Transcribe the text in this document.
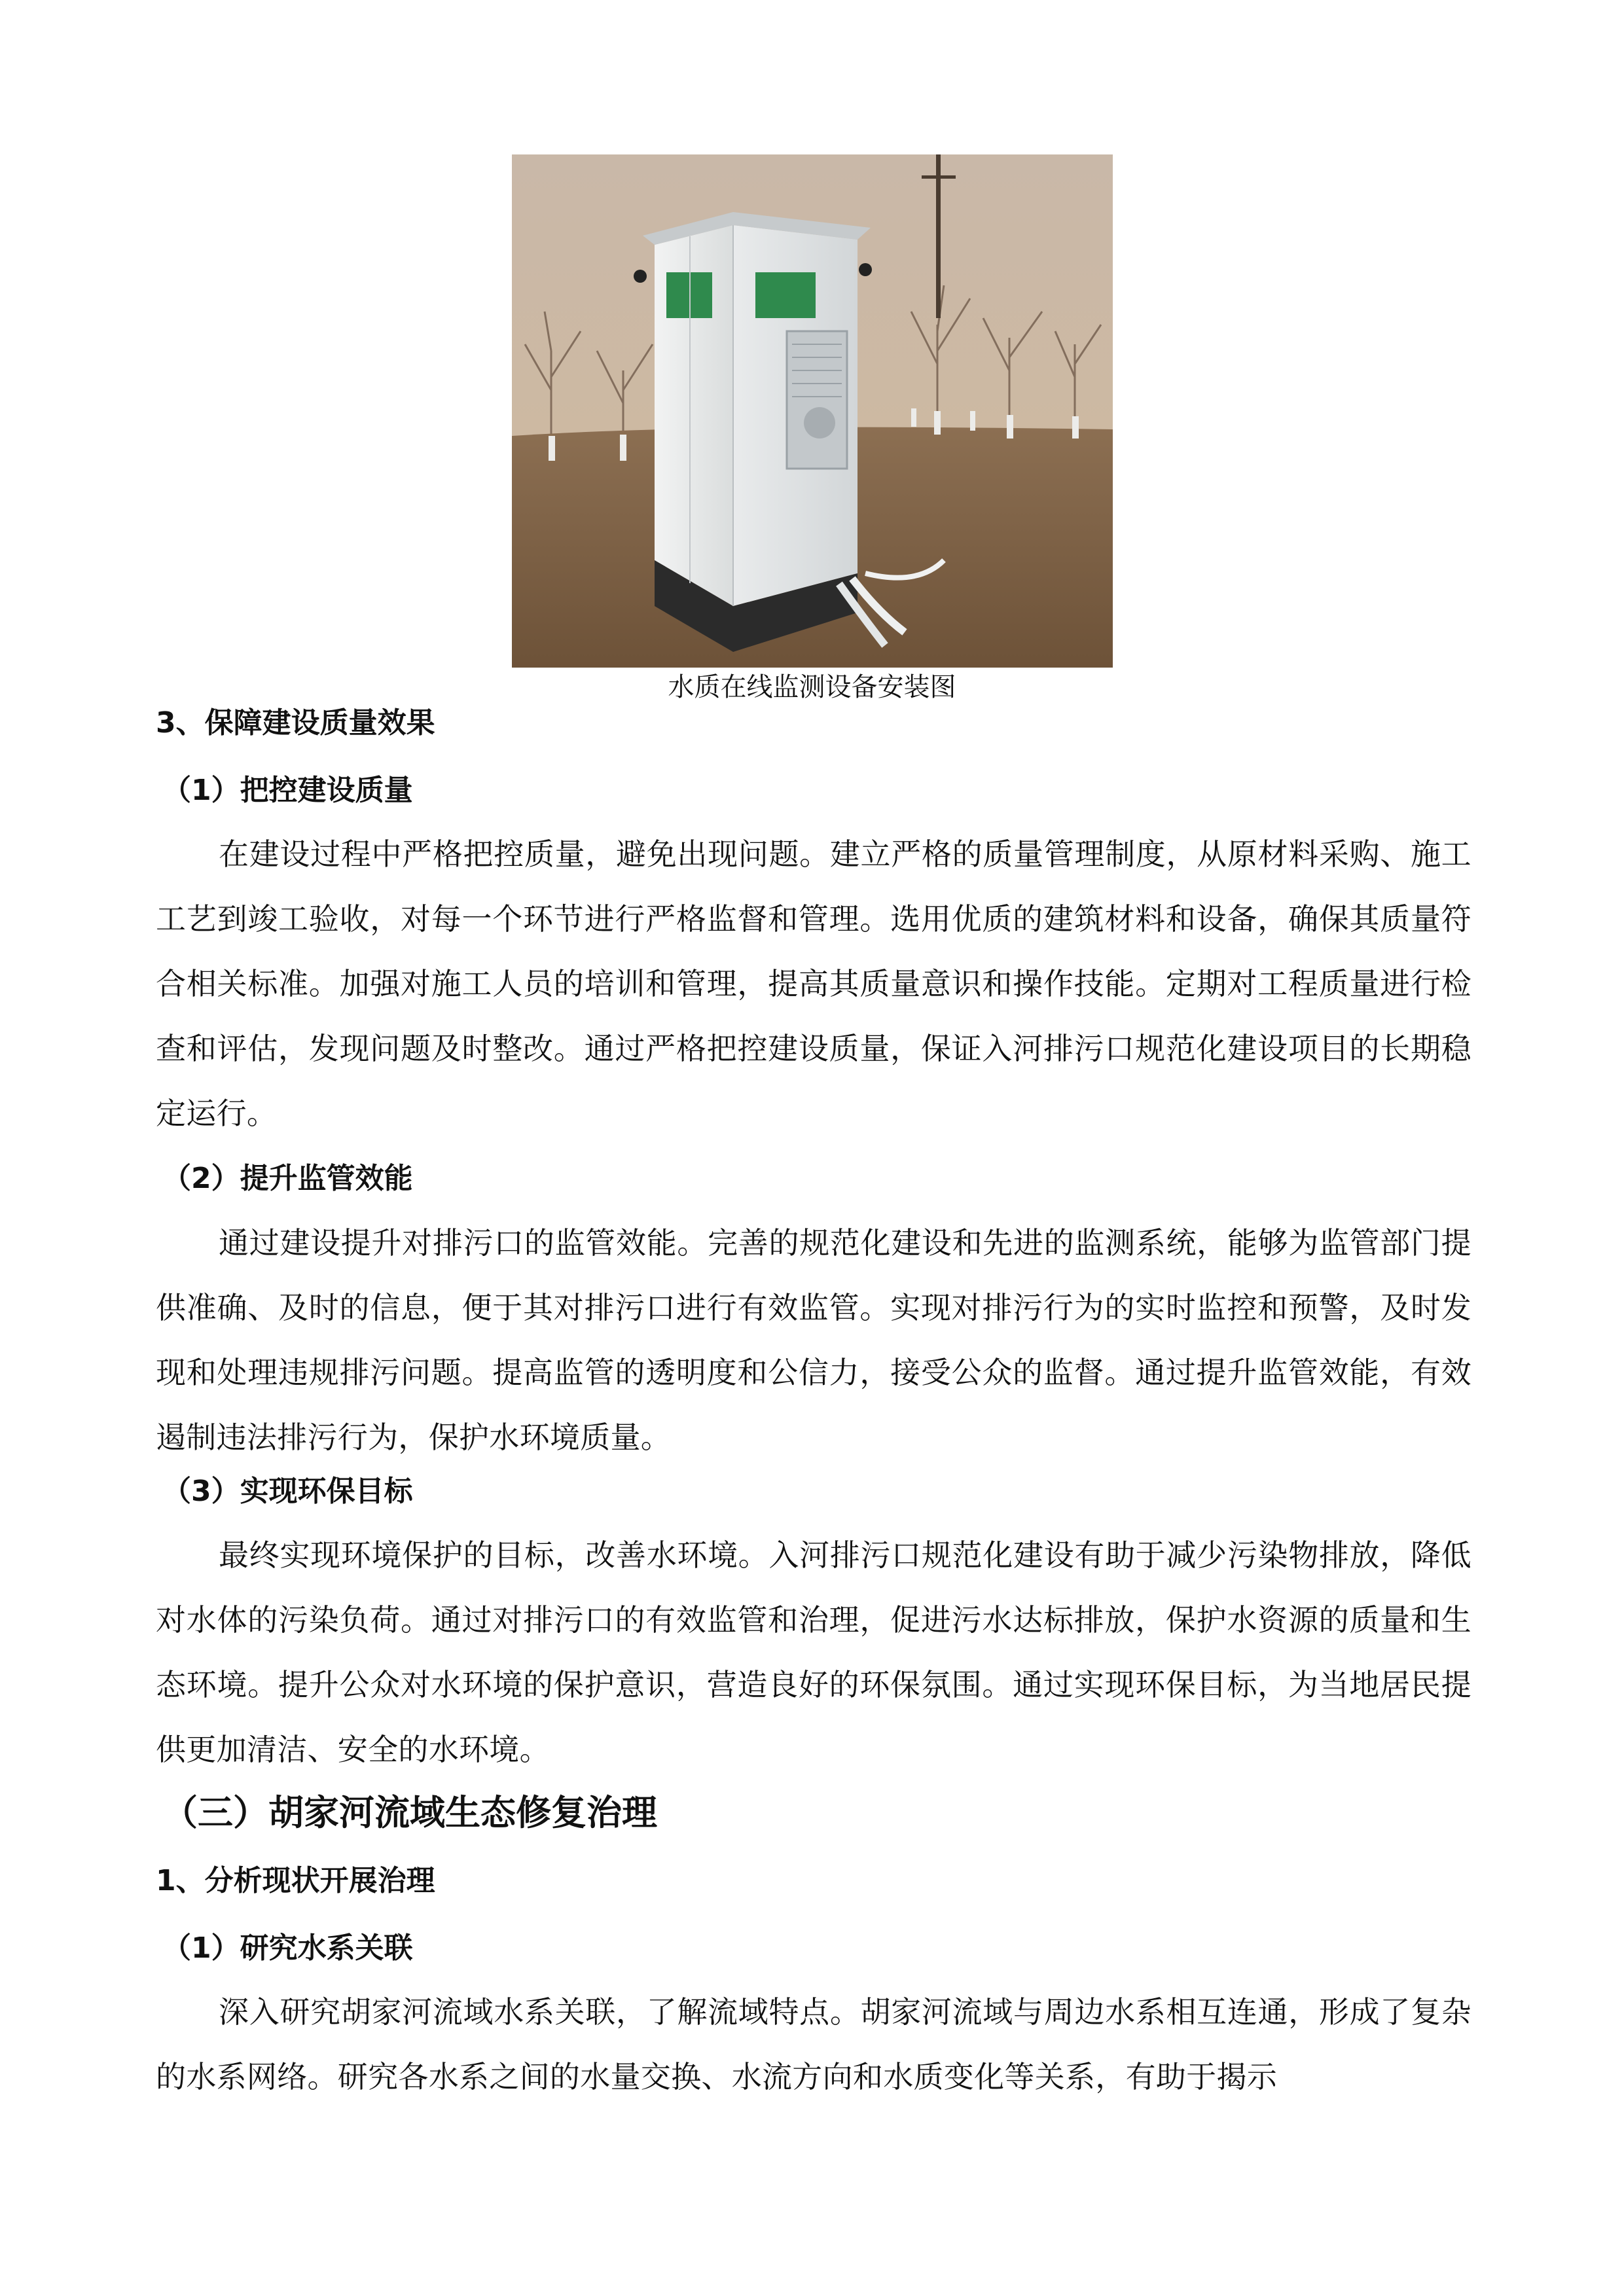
水质在线监测设备安装图
3、保障建设质量效果
（1）把控建设质量
在建设过程中严格把控质量，避免出现问题。建立严格的质量管理制度，从原材料采购、施工工艺到竣工验收，对每一个环节进行严格监督和管理。选用优质的建筑材料和设备，确保其质量符合相关标准。加强对施工人员的培训和管理，提高其质量意识和操作技能。定期对工程质量进行检查和评估，发现问题及时整改。通过严格把控建设质量，保证入河排污口规范化建设项目的长期稳定运行。
（2）提升监管效能
通过建设提升对排污口的监管效能。完善的规范化建设和先进的监测系统，能够为监管部门提供准确、及时的信息，便于其对排污口进行有效监管。实现对排污行为的实时监控和预警，及时发现和处理违规排污问题。提高监管的透明度和公信力，接受公众的监督。通过提升监管效能，有效遏制违法排污行为，保护水环境质量。
（3）实现环保目标
最终实现环境保护的目标，改善水环境。入河排污口规范化建设有助于减少污染物排放，降低对水体的污染负荷。通过对排污口的有效监管和治理，促进污水达标排放，保护水资源的质量和生态环境。提升公众对水环境的保护意识，营造良好的环保氛围。通过实现环保目标，为当地居民提供更加清洁、安全的水环境。
（三）胡家河流域生态修复治理
1、分析现状开展治理
（1）研究水系关联
深入研究胡家河流域水系关联，了解流域特点。胡家河流域与周边水系相互连通，形成了复杂的水系网络。研究各水系之间的水量交换、水流方向和水质变化等关系，有助于揭示
